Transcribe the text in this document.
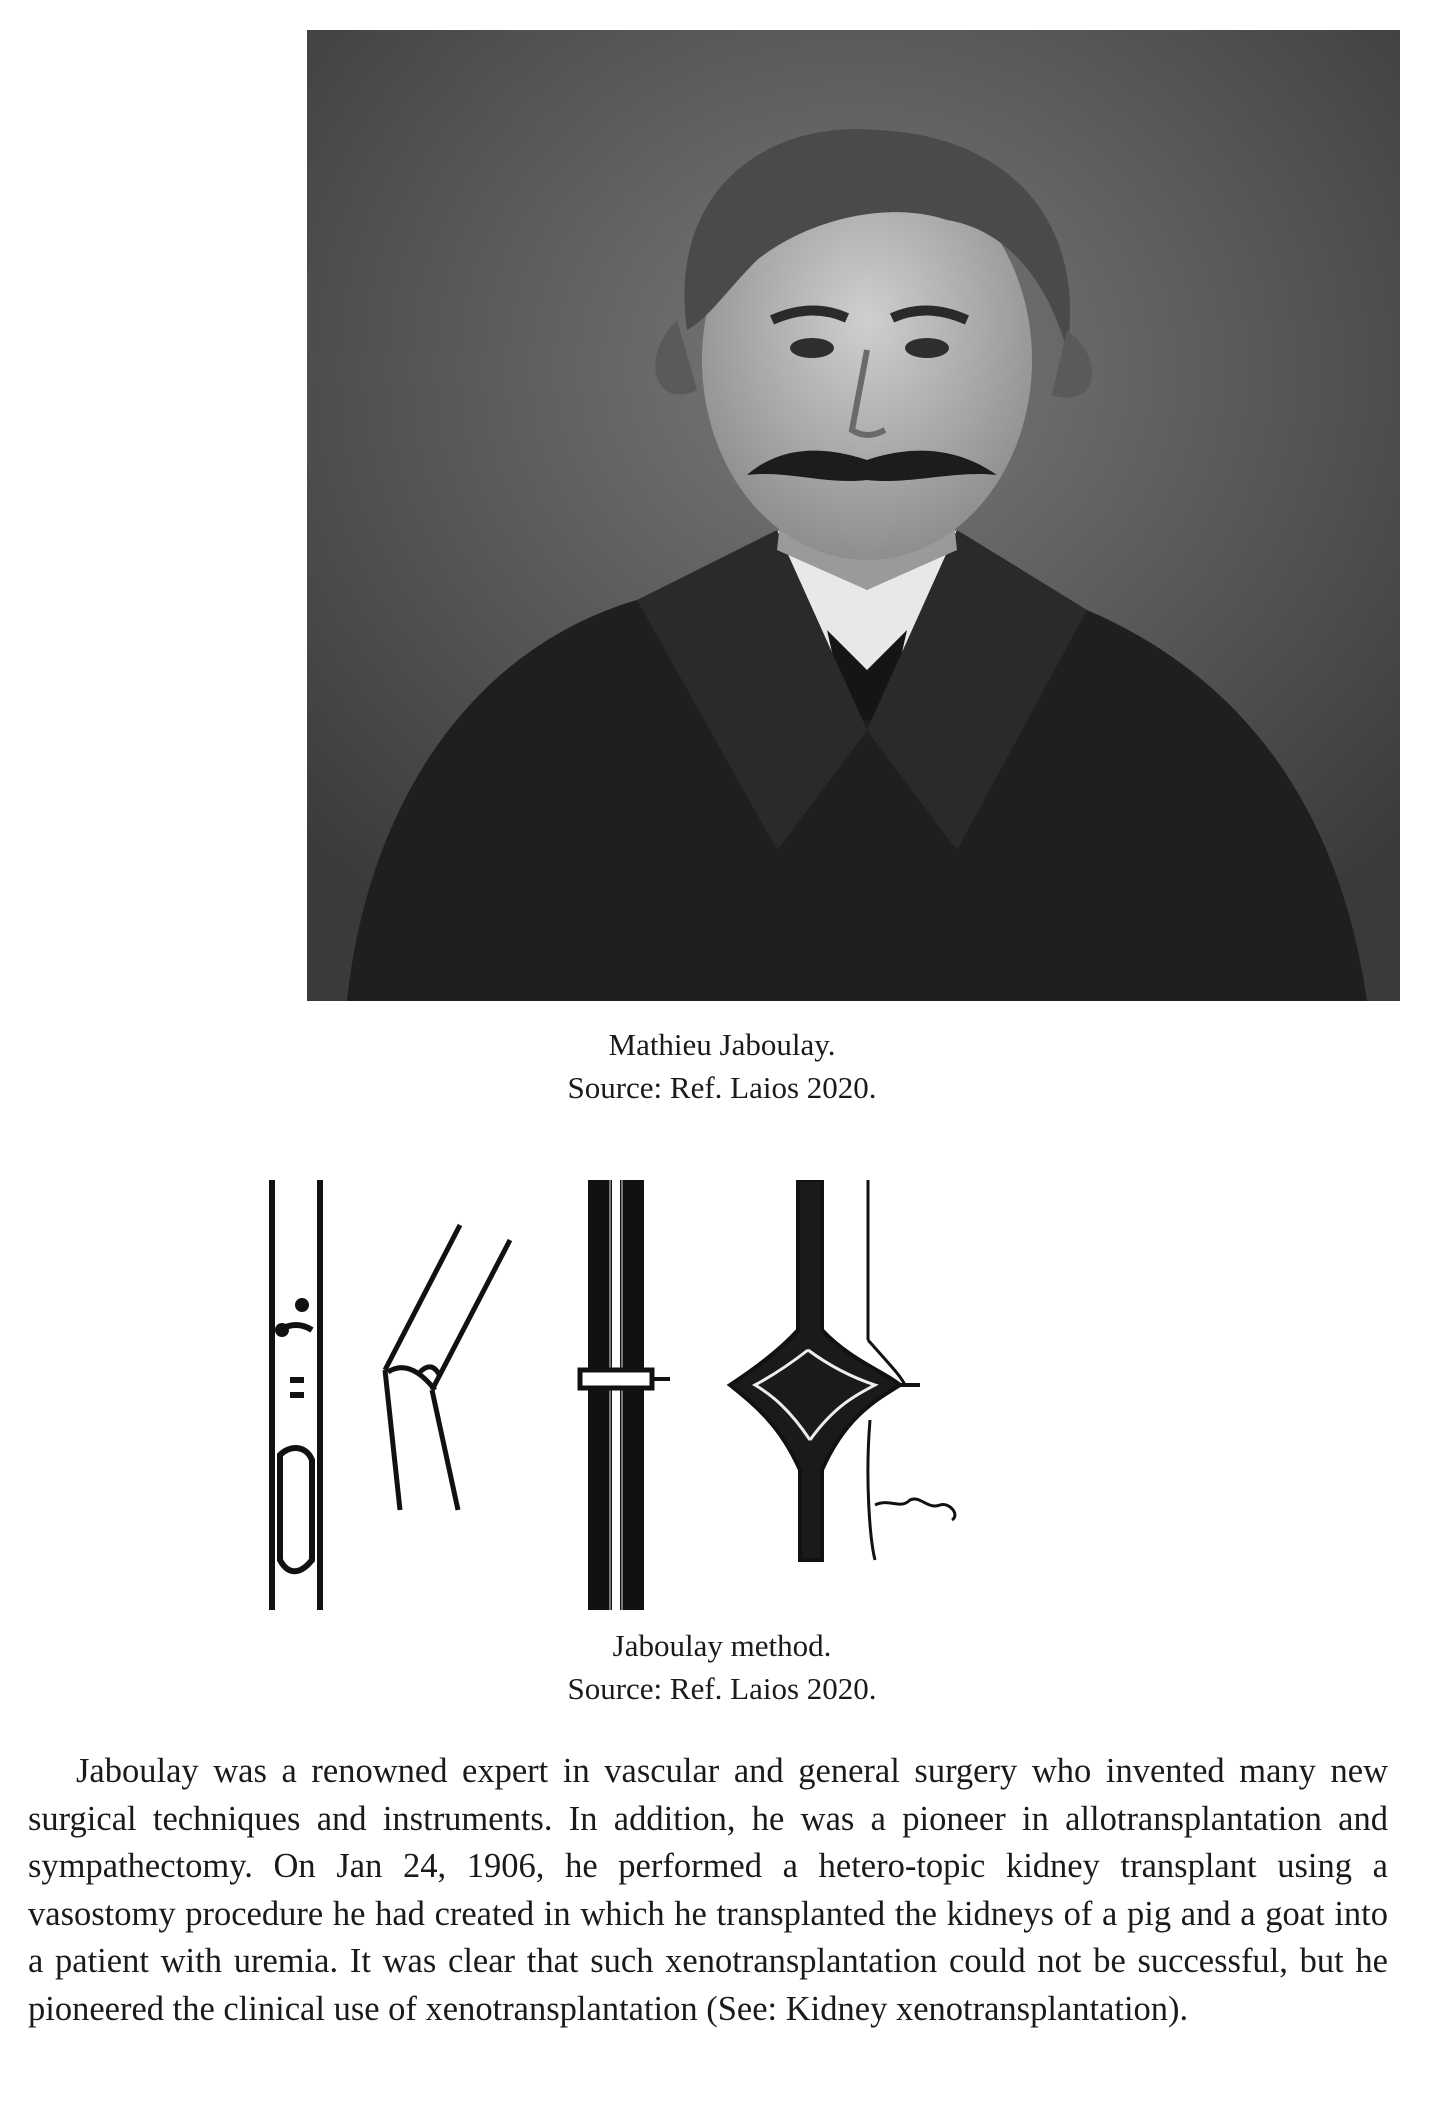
Mathieu Jaboulay.
Source: Ref. Laios 2020.
Jaboulay method.
Source: Ref. Laios 2020.

Jaboulay was a renowned expert in vascular and general surgery who invented many new surgical techniques and instruments. In addition, he was a pioneer in allotransplantation and sympathectomy. On Jan 24, 1906, he performed a hetero-topic kidney transplant using a vasostomy procedure he had created in which he transplanted the kidneys of a pig and a goat into a patient with uremia. It was clear that such xenotransplantation could not be successful, but he pioneered the clinical use of xenotransplantation (See: Kidney xenotransplantation).
